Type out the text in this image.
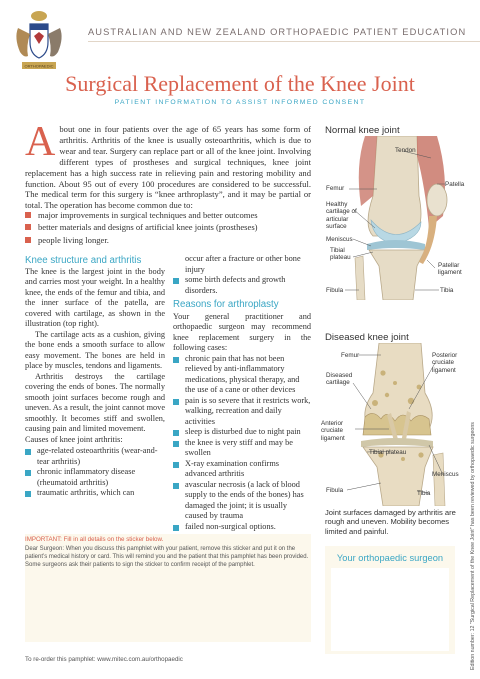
ORTHOPAEDIC
AUSTRALIAN AND NEW ZEALAND ORTHOPAEDIC PATIENT EDUCATION
Surgical Replacement of the Knee Joint
PATIENT INFORMATION TO ASSIST INFORMED CONSENT
About one in four patients over the age of 65 years has some form of arthritis. Arthritis of the knee is usually osteoarthritis, which is due to wear and tear. Surgery can replace part or all of the knee joint. Involving different types of prostheses and surgical techniques, knee joint replacement has a high success rate in relieving pain and restoring mobility and function. About 95 out of every 100 procedures are considered to be successful. The medical term for this surgery is “knee arthroplasty”, and it may be partial or total. The operation has become common due to:
major improvements in surgical techniques and better outcomes
better materials and designs of artificial knee joints (prostheses)
people living longer.
Knee structure and arthritis

The knee is the largest joint in the body and carries most your weight. In a healthy knee, the ends of the femur and tibia, and the inner surface of the patella, are covered with cartilage, as shown in the illustration (top right).

The cartilage acts as a cushion, giving the bone ends a smooth surface to allow easy movement. The bones are held in place by muscles, tendons and ligaments.

Arthritis destroys the cartilage covering the ends of bones. The normally smooth joint surfaces become rough and uneven. As a result, the joint cannot move smoothly. It becomes stiff and swollen, causing pain and limited movement.

Causes of knee joint arthritis:

age-related osteoarthritis (wear-and-tear arthritis)
chronic inflammatory disease (rheumatoid arthritis)
traumatic arthritis, which can
occur after a fracture or other bone injury
some birth defects and growth disorders.
Reasons for arthroplasty

Your general practitioner and orthopaedic surgeon may recommend knee replacement surgery in the following cases:

chronic pain that has not been relieved by anti-inflammatory medications, physical therapy, and the use of a cane or other devices
pain is so severe that it restricts work, walking, recreation and daily activities
sleep is disturbed due to night pain
the knee is very stiff and may be swollen
X-ray examination confirms advanced arthritis
avascular necrosis (a lack of blood supply to the ends of the bones) has damaged the joint; it is usually caused by trauma
failed non-surgical options.
Normal knee joint
Tendon
Femur
Patella
Healthy cartilage of articular surface
Meniscus
Tibial plateau
Patellar ligament
Fibula	Tibia
Diseased knee joint
Femur	Posterior cruciate ligament
Diseased cartilage
Anterior cruciate ligament
Tibial plateau
Meniscus
Fibula	Tibia
Joint surfaces damaged by arthritis are rough and uneven. Mobility becomes limited and painful.
IMPORTANT: Fill in all details on the sticker below.
Dear Surgeon: When you discuss this pamphlet with your patient, remove this sticker and put it on the patient’s medical history or card. This will remind you and the patient that this pamphlet has been provided. Some surgeons ask their patients to sign the sticker to confirm receipt of the pamphlet.
To re-order this pamphlet: www.mitec.com.au/orthopaedic
Your orthopaedic surgeon	Edition number: 12 “Surgical Replacement of the Knee Joint” has been reviewed by orthopaedic surgeons
